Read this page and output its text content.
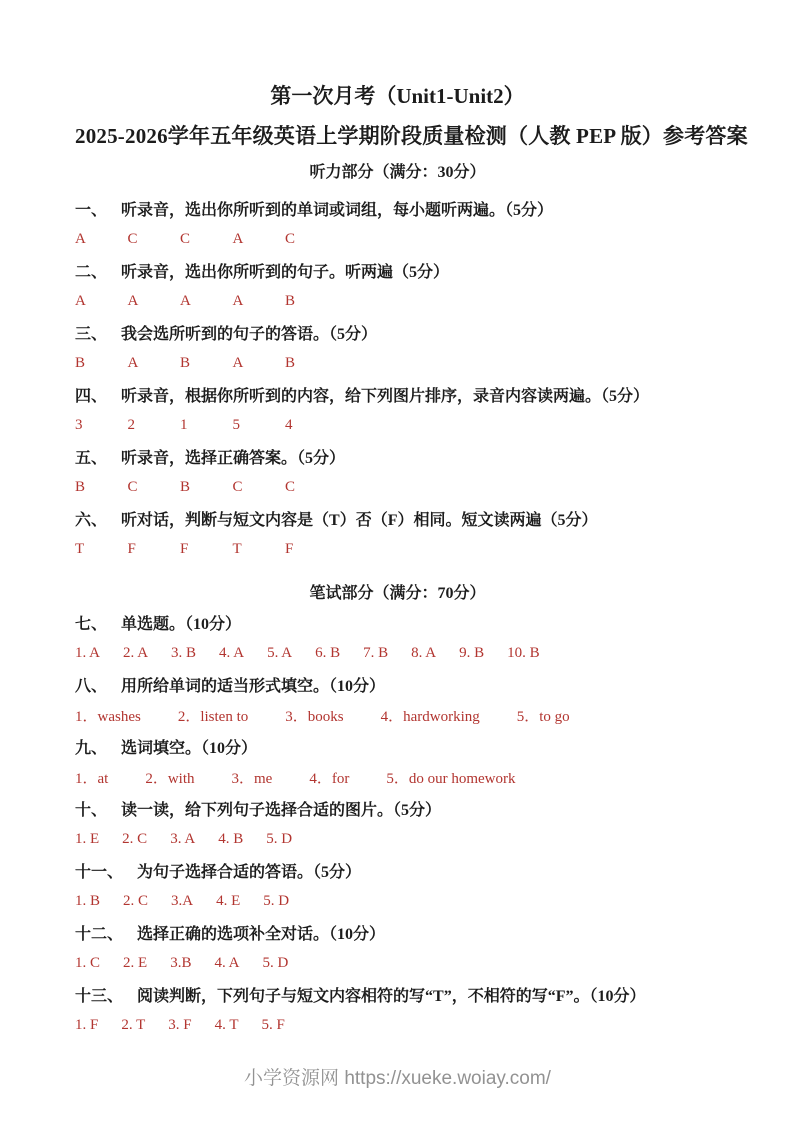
第一次月考（Unit1-Unit2）
2025-2026学年五年级英语上学期阶段质量检测（人教 PEP 版）参考答案
听力部分（满分：30分）
一、 听录音，选出你所听到的单词或词组，每小题听两遍。（5分）
A	C	C	A	C
二、 听录音，选出你所听到的句子。听两遍（5分）
A	A	A	A	B
三、 我会选所听到的句子的答语。（5分）
B	A	B	A	B
四、 听录音，根据你所听到的内容，给下列图片排序，录音内容读两遍。（5分）
3	2	1	5	4
五、 听录音，选择正确答案。（5分）
B	C	B	C	C
六、 听对话，判断与短文内容是（T）否（F）相同。短文读两遍（5分）
T	F	F	T	F
笔试部分（满分：70分）
七、 单选题。（10分）
1. A 2. A 3. B 4. A 5. A 6. B 7. B 8. A 9. B 10. B
八、 用所给单词的适当形式填空。（10分）
1．washes 2．listen to 3．books 4．hardworking 5．to go
九、 选词填空。（10分）
1．at 2．with 3．me 4．for 5．do our homework
十、 读一读，给下列句子选择合适的图片。（5分）
1. E 2. C 3. A 4. B 5. D
十一、 为句子选择合适的答语。（5分）
1. B 2. C 3.A 4. E 5. D
十二、 选择正确的选项补全对话。（10分）
1. C 2. E 3.B 4. A 5. D
十三、 阅读判断，下列句子与短文内容相符的写“T”，不相符的写“F”。（10分）
1. F 2. T 3. F 4. T 5. F
小学资源网 https://xueke.woiay.com/
